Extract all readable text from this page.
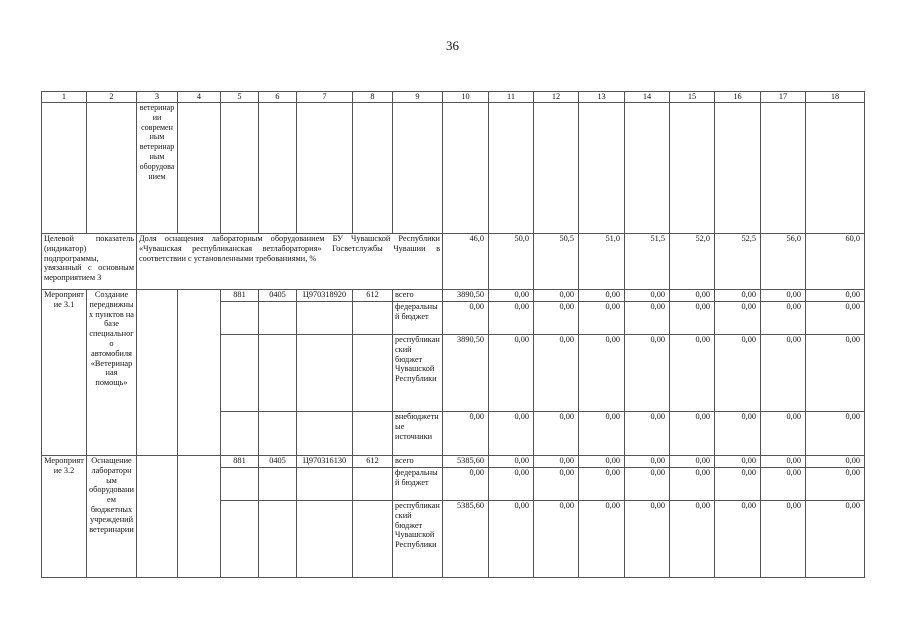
36
1	2	3	4	5	6	7	8	9	10	11	12	13	14	15	16	17	18
		ветеринарии современным ветеринарным оборудованием															
Целевой показатель (индикатор) подпрограммы, увязанный с основным мероприятием 3		Доля оснащения лабораторным оборудованием БУ Чувашской Республики «Чувашская республиканская ветлаборатория» Госветслужбы Чувашии в соответствии с установленными требованиями, %							46,0	50,0	50,5	51,0	51,5	52,0	52,5	56,0	60,0
Мероприятие 3.1	Создание передвижных пунктов на базе специального автомобиля «Ветеринарная помощь»			881	0405	Ц970318920	612	всего	3890,50	0,00	0,00	0,00	0,00	0,00	0,00	0,00	0,00
								федеральный бюджет	0,00	0,00	0,00	0,00	0,00	0,00	0,00	0,00	0,00
								республиканский бюджет Чувашской Республики	3890,50	0,00	0,00	0,00	0,00	0,00	0,00	0,00	0,00
								внебюджетные источники	0,00	0,00	0,00	0,00	0,00	0,00	0,00	0,00	0,00
Мероприятие 3.2	Оснащение лабораторным оборудованием бюджетных учреждений ветеринарии			881	0405	Ц970316130	612	всего	5385,60	0,00	0,00	0,00	0,00	0,00	0,00	0,00	0,00
								федеральный бюджет	0,00	0,00	0,00	0,00	0,00	0,00	0,00	0,00	0,00
								республиканский бюджет Чувашской Республики	5385,60	0,00	0,00	0,00	0,00	0,00	0,00	0,00	0,00
